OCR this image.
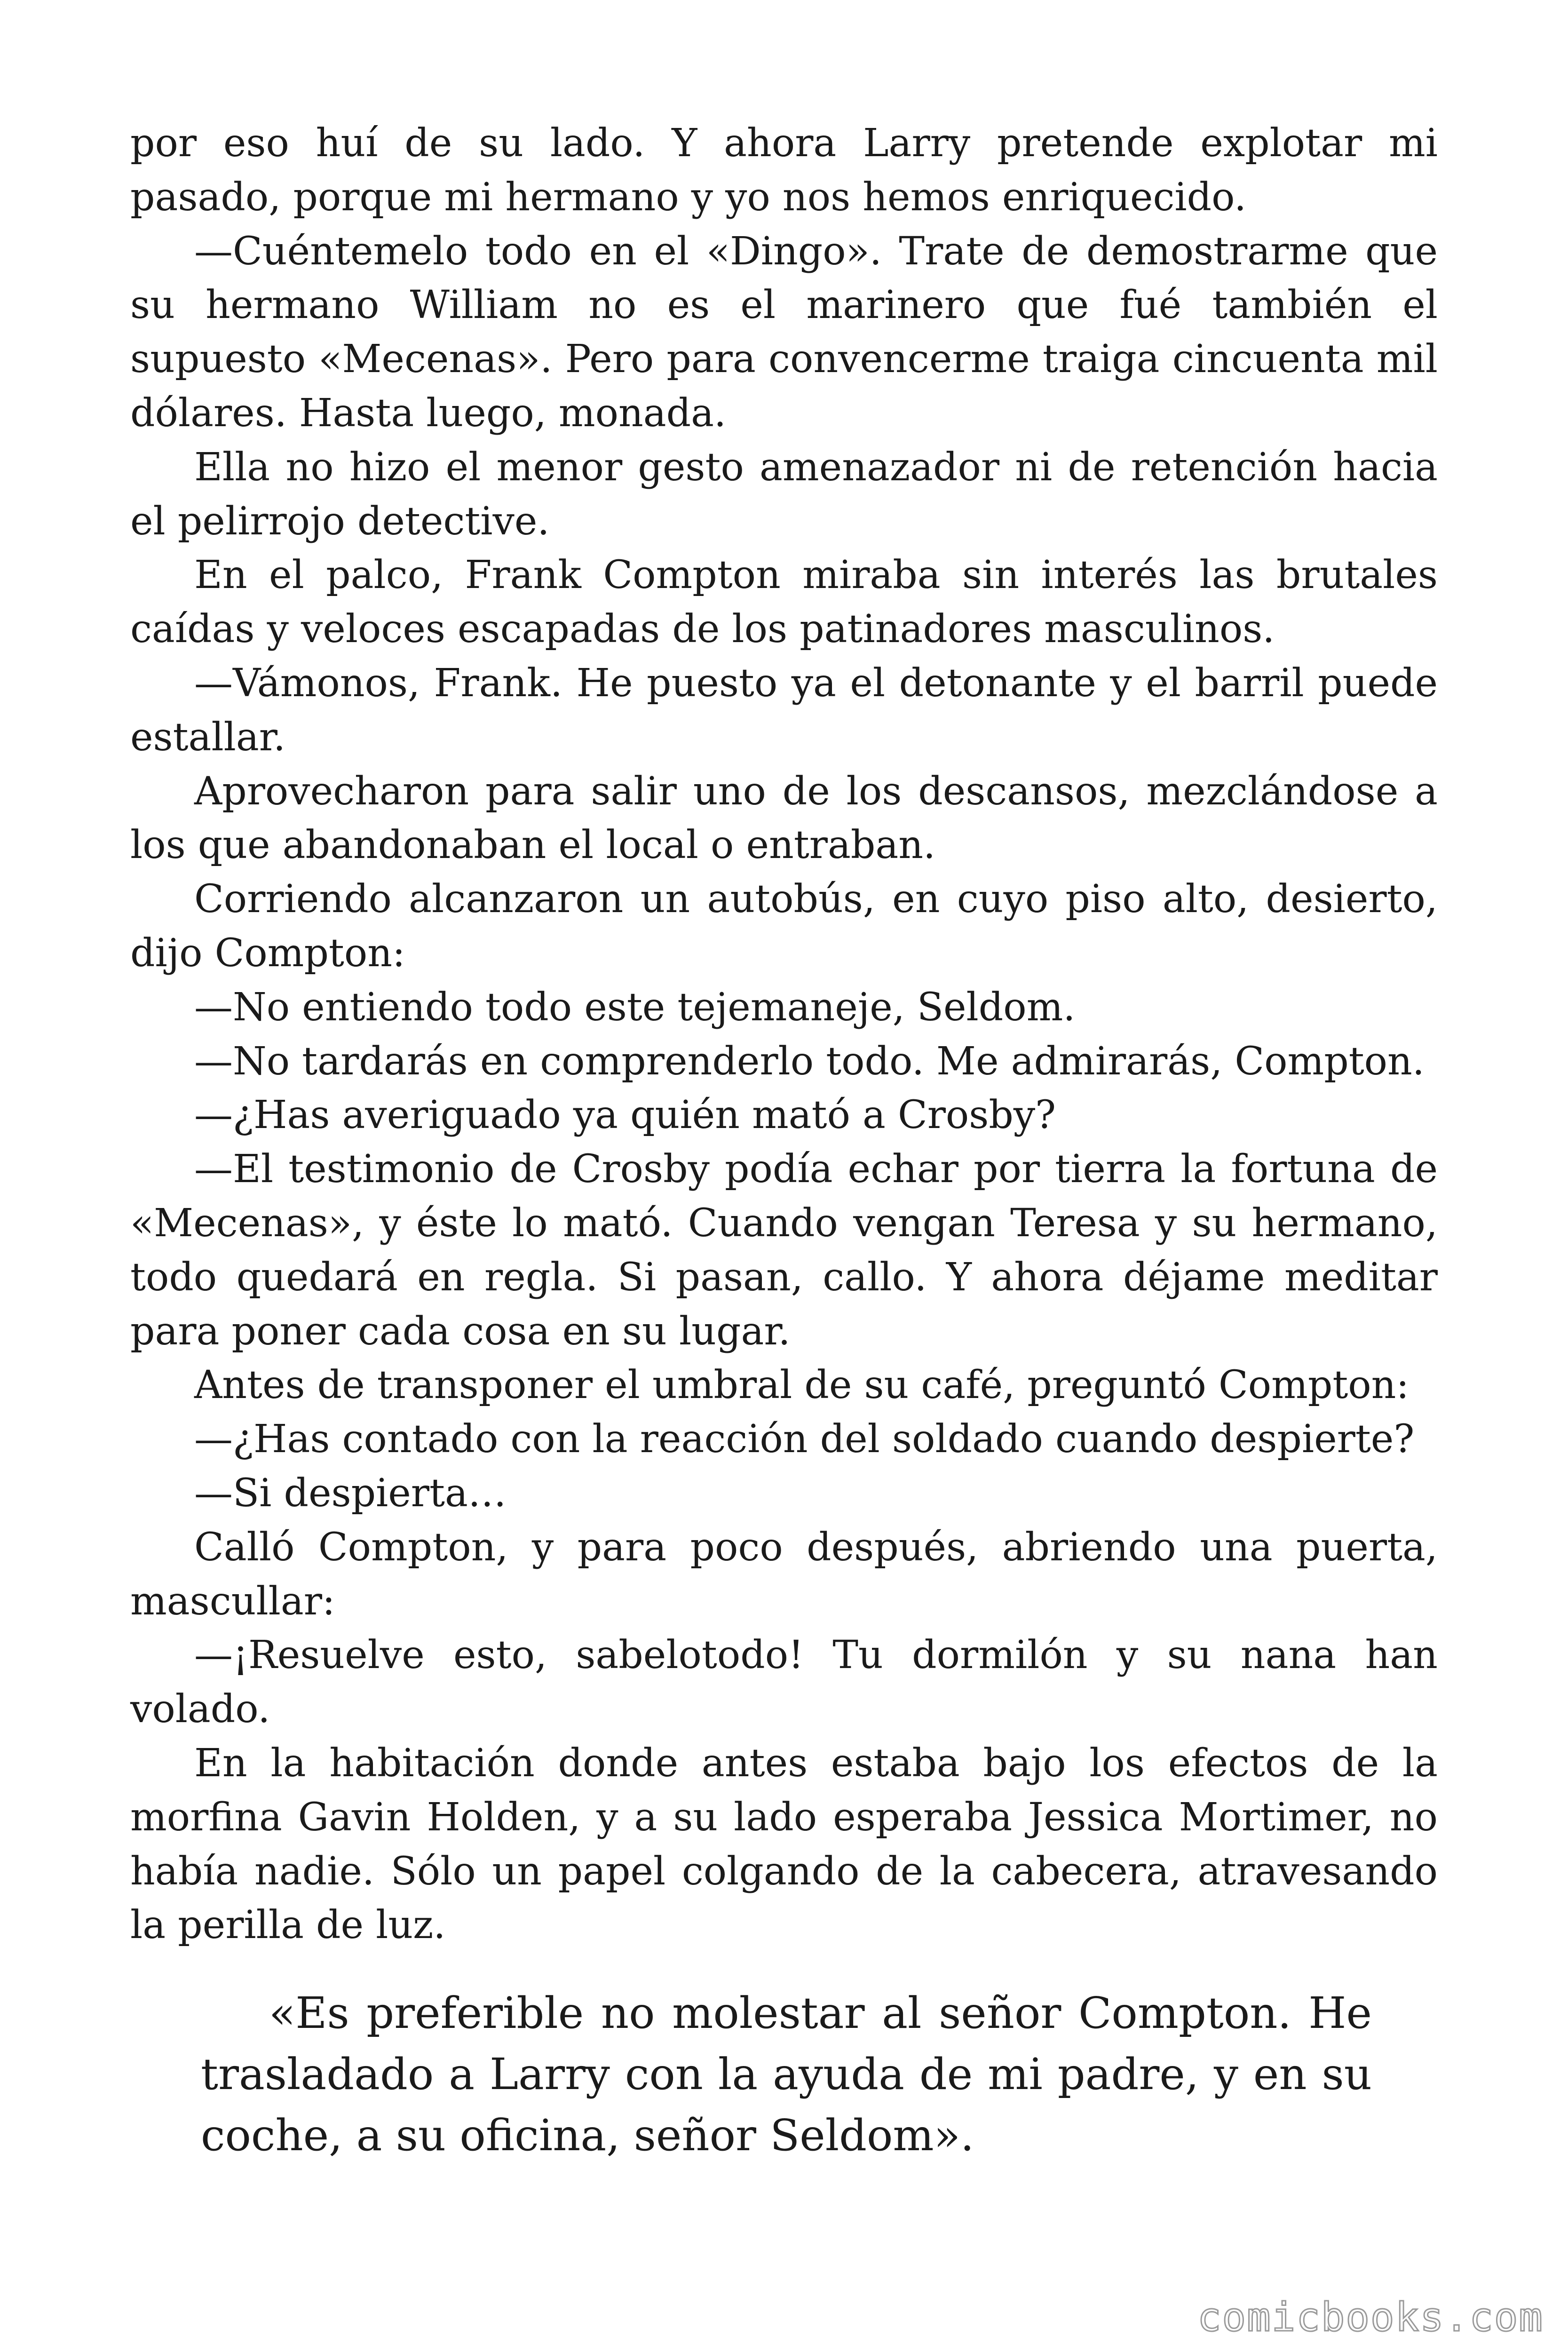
por eso huí de su lado. Y ahora Larry pretende explotar mi pasado, porque mi hermano y yo nos hemos enriquecido.

—Cuéntemelo todo en el «Dingo». Trate de demostrarme que su hermano William no es el marinero que fué también el supuesto «Mecenas». Pero para convencerme traiga cincuenta mil dólares. Hasta luego, monada.

Ella no hizo el menor gesto amenazador ni de retención hacia el pelirrojo detective.

En el palco, Frank Compton miraba sin interés las brutales caídas y veloces escapadas de los patinadores masculinos.

—Vámonos, Frank. He puesto ya el detonante y el barril puede estallar.

Aprovecharon para salir uno de los descansos, mezclándose a los que abandonaban el local o entraban.

Corriendo alcanzaron un autobús, en cuyo piso alto, desierto, dijo Compton:

—No entiendo todo este tejemaneje, Seldom.

—No tardarás en comprenderlo todo. Me admirarás, Compton.

—¿Has averiguado ya quién mató a Crosby?

—El testimonio de Crosby podía echar por tierra la fortuna de «Mecenas», y éste lo mató. Cuando vengan Teresa y su hermano, todo quedará en regla. Si pasan, callo. Y ahora déjame meditar para poner cada cosa en su lugar.

Antes de transponer el umbral de su café, preguntó Compton:

—¿Has contado con la reacción del soldado cuando despierte?

—Si despierta…

Calló Compton, y para poco después, abriendo una puerta, mascullar:

—¡Resuelve esto, sabelotodo! Tu dormilón y su nana han volado.

En la habitación donde antes estaba bajo los efectos de la morfina Gavin Holden, y a su lado esperaba Jessica Mortimer, no había nadie. Sólo un papel colgando de la cabecera, atravesando la perilla de luz.

«Es preferible no molestar al señor Compton. He trasladado a Larry con la ayuda de mi padre, y en su coche, a su oficina, señor Seldom».

comicbooks.com
